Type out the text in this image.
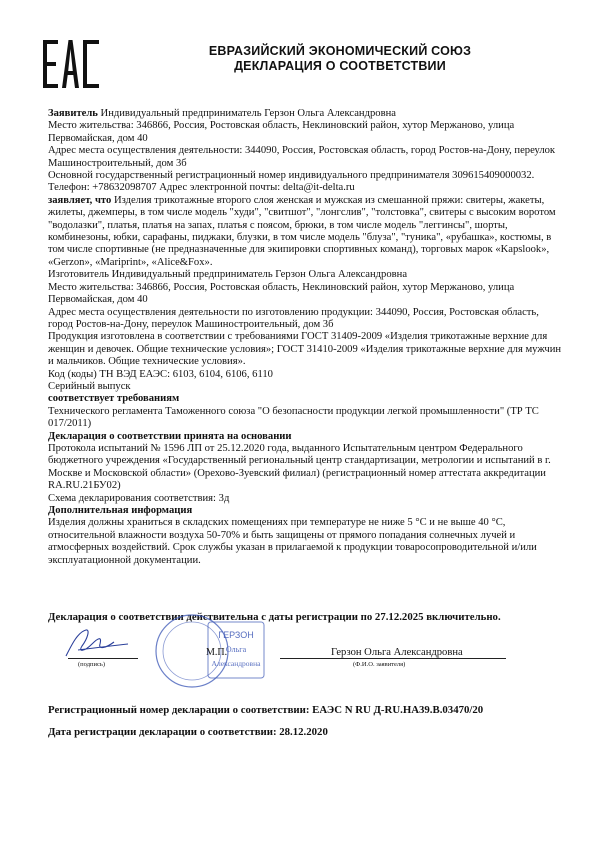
ЕВРАЗИЙСКИЙ ЭКОНОМИЧЕСКИЙ СОЮЗ
ДЕКЛАРАЦИЯ О СООТВЕТСТВИИ

Заявитель Индивидуальный предприниматель Герзон Ольга Александровна

Место жительства: 346866, Россия, Ростовская область, Неклиновский район, хутор Мержаново, улица Первомайская, дом 40

Адрес места осуществления деятельности: 344090, Россия, Ростовская область, город Ростов-на-Дону, переулок Машиностроительный, дом 3б

Основной государственный регистрационный номер индивидуального предпринимателя 309615409000032.

Телефон: +78632098707 Адрес электронной почты: delta@it-delta.ru

заявляет, что Изделия трикотажные второго слоя женская и мужская из смешанной пряжи: свитеры, жакеты, жилеты, джемперы, в том числе модель "худи", "свитшот", "лонгслив", "толстовка", свитеры с высоким воротом "водолазки", платья, платья на запах, платья с поясом, брюки, в том числе модель "леггинсы", шорты, комбинезоны, юбки, сарафаны, пиджаки, блузки, в том числе модель "блуза", "туника", «рубашка», костюмы, в том числе спортивные (не предназначенные для экипировки спортивных команд), торговых марок «Kapslook», «Gerzon», «Mariprint», «Alice&Fox».

Изготовитель Индивидуальный предприниматель Герзон Ольга Александровна

Место жительства: 346866, Россия, Ростовская область, Неклиновский район, хутор Мержаново, улица Первомайская, дом 40

Адрес места осуществления деятельности по изготовлению продукции: 344090, Россия, Ростовская область, город Ростов-на-Дону, переулок Машиностроительный, дом 3б

Продукция изготовлена в соответствии с требованиями ГОСТ 31409-2009 «Изделия трикотажные верхние для женщин и девочек. Общие технические условия»; ГОСТ 31410-2009 «Изделия трикотажные верхние для мужчин и мальчиков. Общие технические условия».

Код (коды) ТН ВЭД ЕАЭС: 6103, 6104, 6106, 6110

Серийный выпуск

соответствует требованиям

Технического регламента Таможенного союза "О безопасности продукции легкой промышленности" (ТР ТС 017/2011)

Декларация о соответствии принята на основании

Протокола испытаний № 1596 ЛП от 25.12.2020 года, выданного Испытательным центром Федерального бюджетного учреждения «Государственный региональный центр стандартизации, метрологии и испытаний в г. Москве и Московской области» (Орехово-Зуевский филиал) (регистрационный номер аттестата аккредитации RA.RU.21БУ02)

Схема декларирования соответствия: 3д

Дополнительная информация

Изделия должны храниться в складских помещениях при температуре не ниже 5 °С и не выше 40 °С, относительной влажности воздуха 50-70% и быть защищены от прямого попадания солнечных лучей и атмосферных воздействий. Срок службы указан в прилагаемой к продукции товаросопроводительной и/или эксплуатационной документации.

Декларация о соответствии действительна с даты регистрации по 27.12.2025 включительно.
ГЕРЗОН
Ольга
Александровна
(подпись)
М.П.	Герзон Ольга Александровна
(Ф.И.О. заявителя)
Регистрационный номер декларации о соответствии: ЕАЭС N RU Д-RU.НА39.В.03470/20
Дата регистрации декларации о соответствии: 28.12.2020
